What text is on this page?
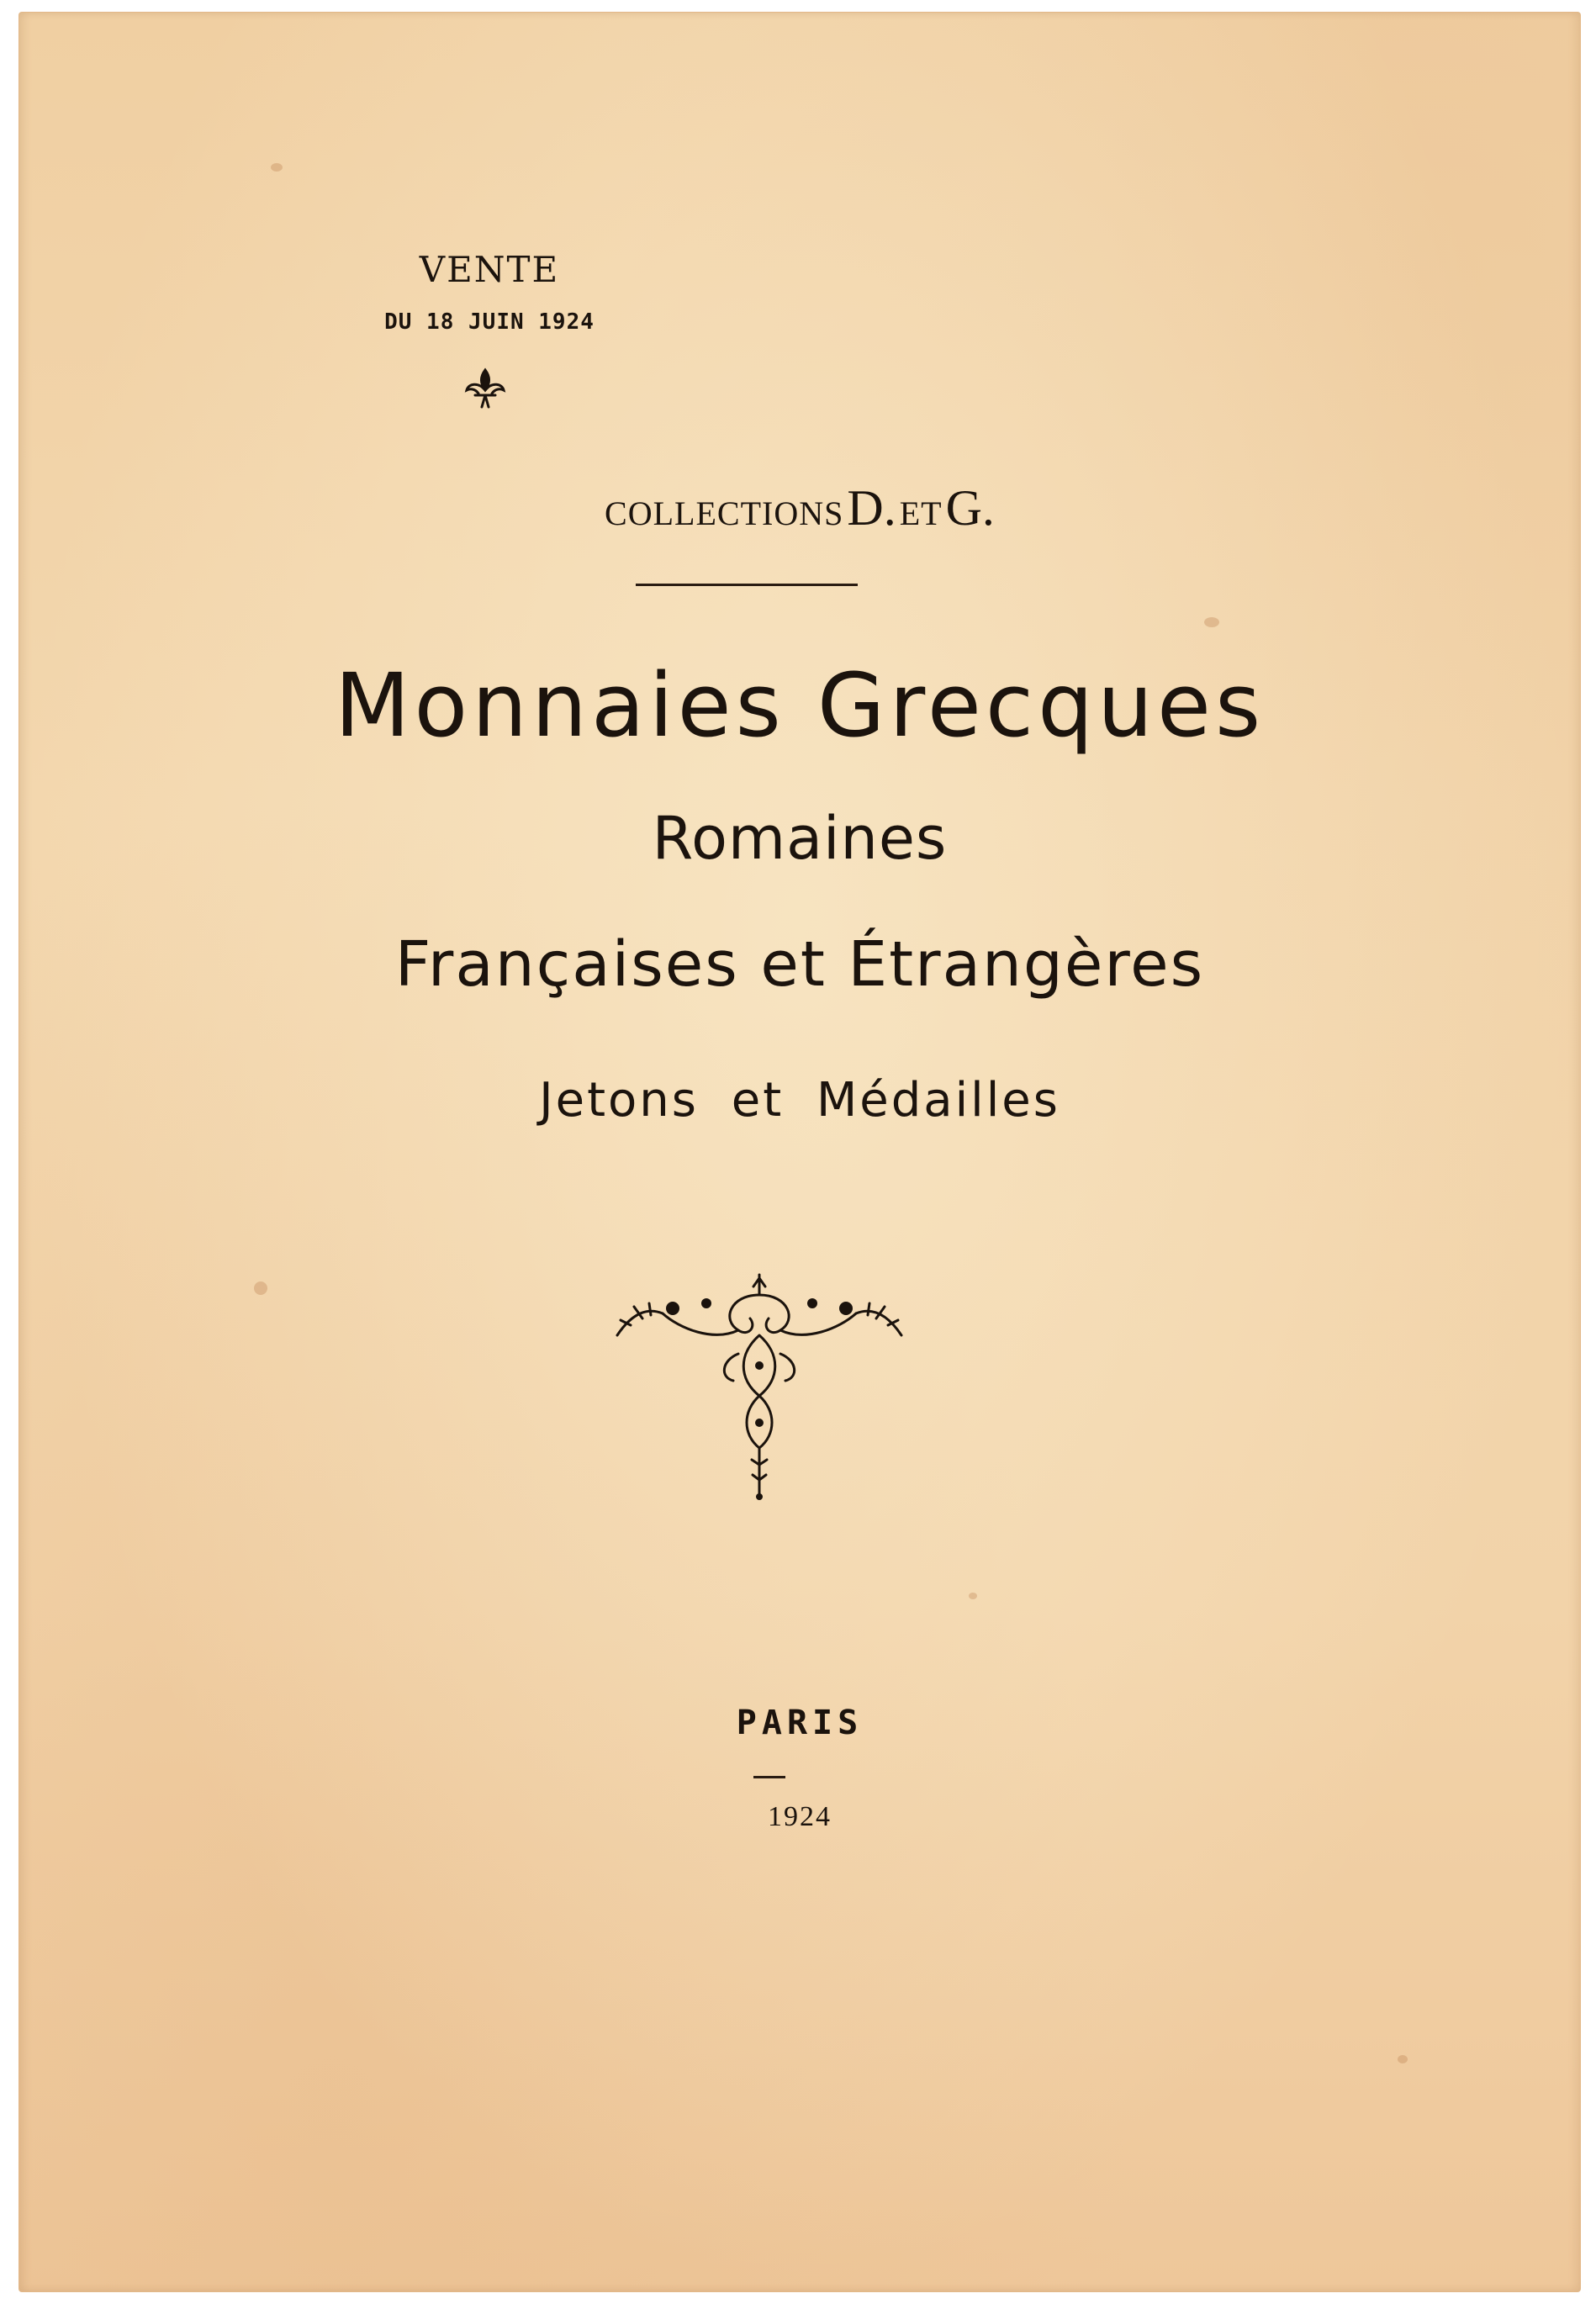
VENTE
DU 18 JUIN 1924
COLLECTIONS D. ET G.
Monnaies Grecques
Romaines
Françaises et Étrangères
Jetons et Médailles
PARIS
1924
